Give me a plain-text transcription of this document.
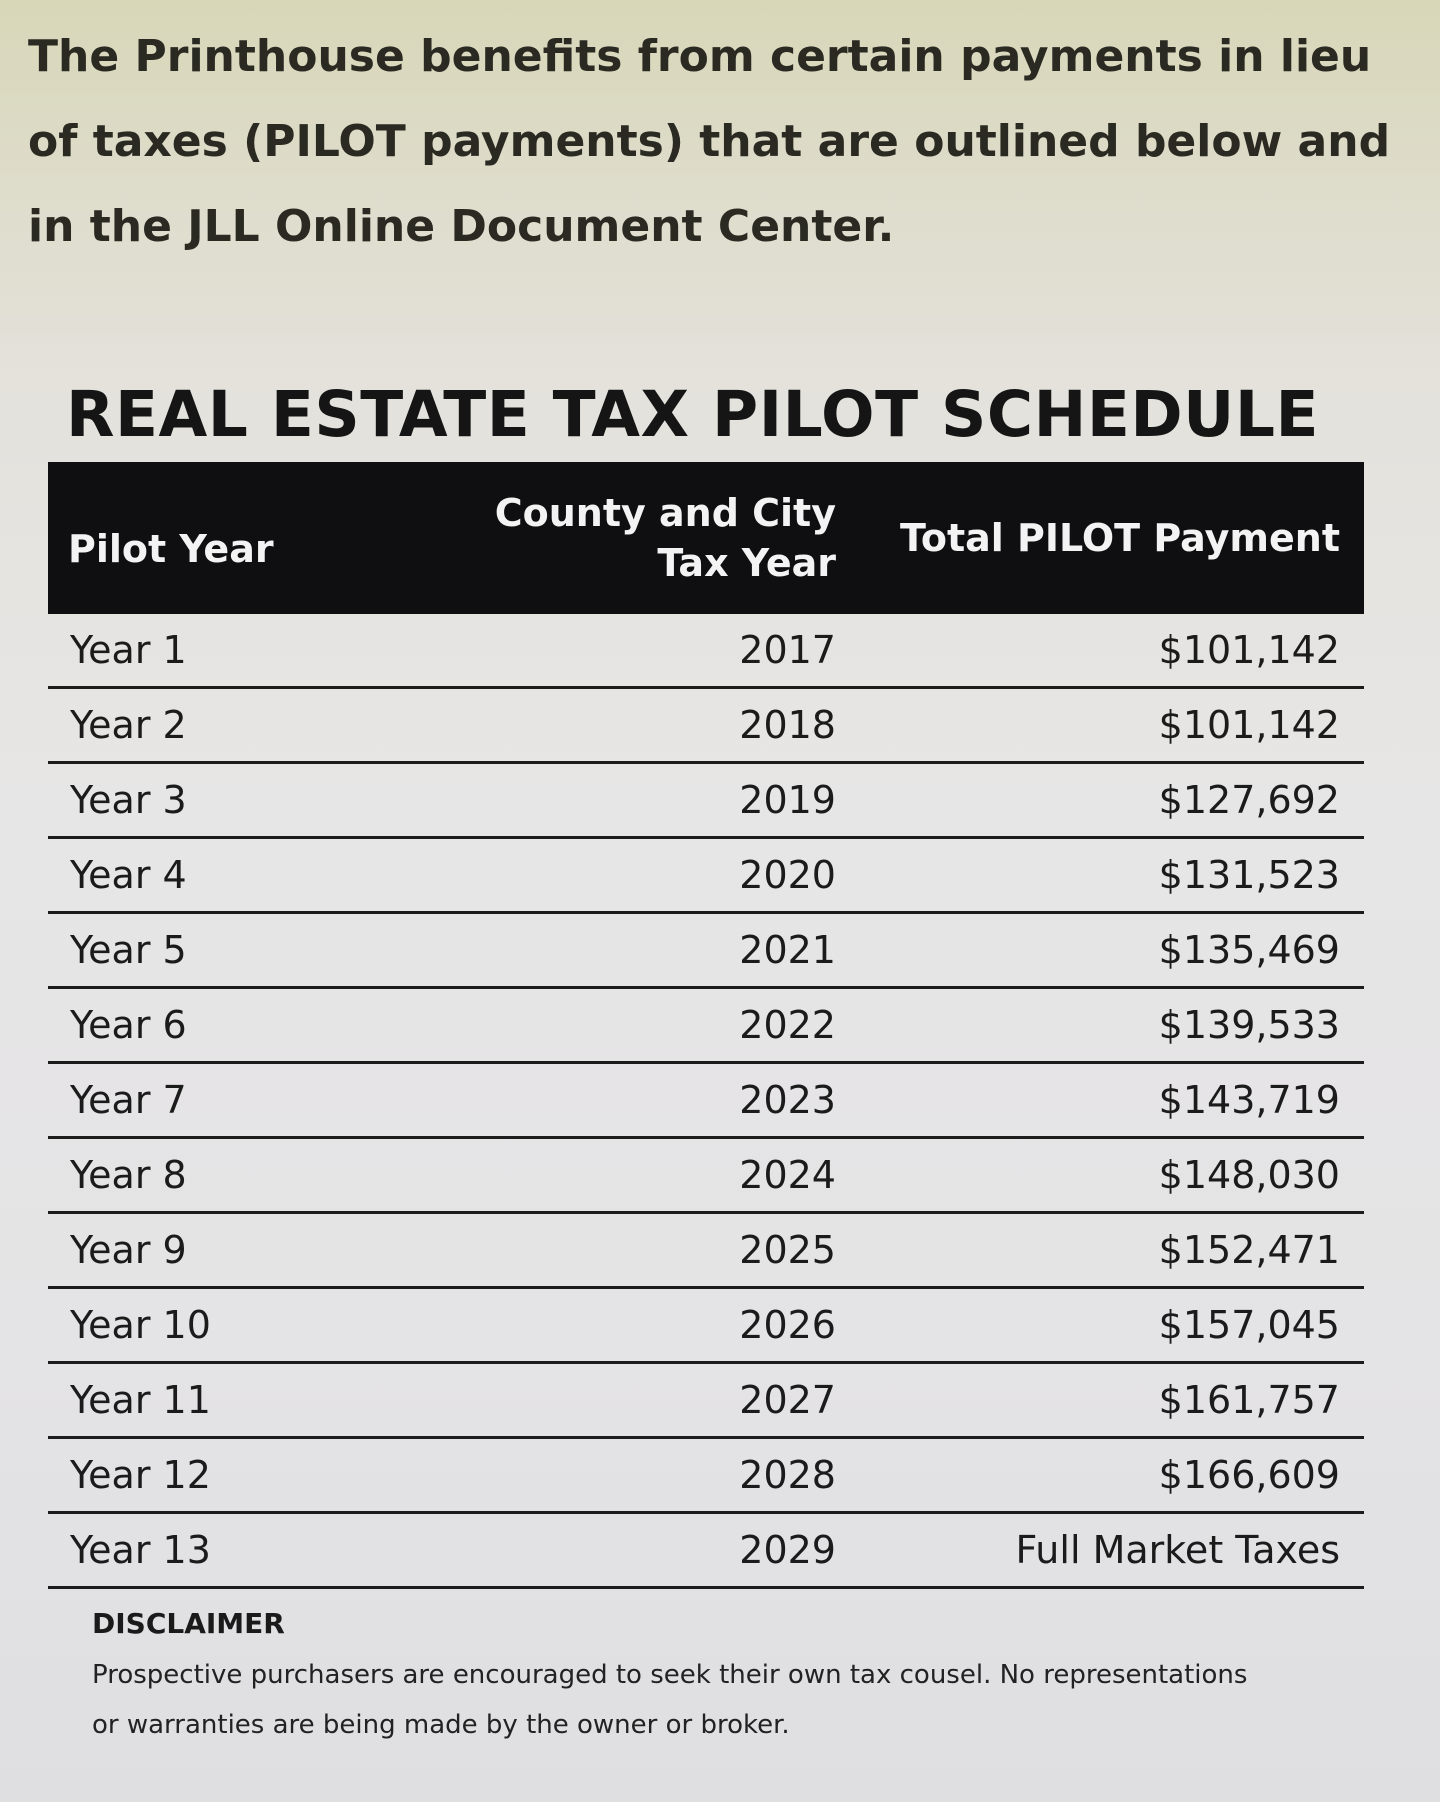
The Printhouse benefits from certain payments in lieu of taxes (PILOT payments) that are outlined below and in the JLL Online Document Center.

REAL ESTATE TAX PILOT SCHEDULE
Pilot Year	County and City Tax Year	Total PILOT Payment
Year 1	2017	$101,142
Year 2	2018	$101,142
Year 3	2019	$127,692
Year 4	2020	$131,523
Year 5	2021	$135,469
Year 6	2022	$139,533
Year 7	2023	$143,719
Year 8	2024	$148,030
Year 9	2025	$152,471
Year 10	2026	$157,045
Year 11	2027	$161,757
Year 12	2028	$166,609
Year 13	2029	Full Market Taxes
DISCLAIMER

Prospective purchasers are encouraged to seek their own tax cousel. No representations or warranties are being made by the owner or broker.
